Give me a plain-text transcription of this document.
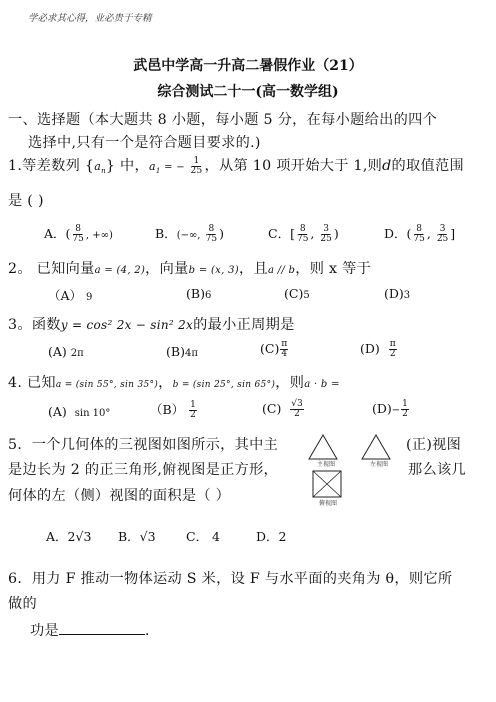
学必求其心得，业必贵于专精
武邑中学高一升高二暑假作业（21）
综合测试二十一(高一数学组)
一、选择题（本大题共 8 小题，每小题 5 分，在每小题给出的四个
选择中,只有一个是符合题目要求的.)
1.等差数列 $\{a_n\}$ 中，$a_1$ = − $\frac{1}{25}$ ，从第 10 项开始大于 1,则d的取值范围
是 ( )
A．( $\frac{8}{75}$ , +∞)	B．(−∞, $\frac{8}{75}$ )	C．[ $\frac{8}{75}$ , $\frac{3}{25}$ )	D．( $\frac{8}{75}$ , $\frac{3}{25}$ ]
2。 已知向量a = (4, 2)，向量b = (x, 3)，且a // b，则 x 等于
（A） 9	(B)6	(C)5	(D)3
3。函数y = cos² 2x − sin² 2x的最小正周期是
(A) 2π	(B)4π	$(C) \frac{\pi}{4}$	$(D) \frac{\pi}{2}$
4. 已知a = (sin 55°, sin 35°)，b = (sin 25°, sin 65°)，则a · b =
(A) sin 10°	$(B) \frac{1}{2}$	$(C) \frac{√3}{2}$	$(D)- \frac{1}{2}$
5．一个几何体的三视图如图所示，其中主	(正)视图
是边长为 2 的正三角形,俯视图是正方形，	那么该几
何体的左（侧）视图的面积是（ ）
主视图	左视图
俯视图
A．2√3 B．√3 C． 4	D．2
6．用力 F 推动一物体运动 S 米，设 F 与水平面的夹角为 θ，则它所
做的
功是	．
